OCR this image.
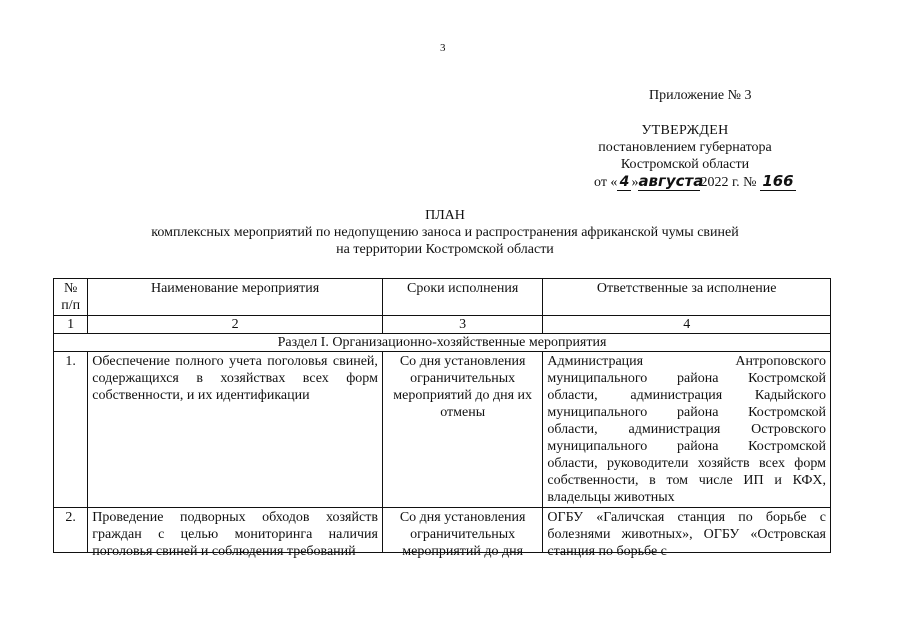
3
Приложение № 3
УТВЕРЖДЕН
постановлением губернатора
Костромской области
от « 4 »августа2022 г. № 166
ПЛАН
комплексных мероприятий по недопущению заноса и распространения африканской чумы свиней
на территории Костромской области
№ п/п	Наименование мероприятия	Сроки исполнения	Ответственные за исполнение
1	2	3	4
Раздел I. Организационно-хозяйственные мероприятия			
1.	Обеспечение полного учета поголовья свиней, содержащихся в хозяйствах всех форм собственности, и их идентификации	Со дня установления ограничительных мероприятий до дня их отмены	Администрация Антроповского муниципального района Костромской области, администрация Кадыйского муниципального района Костромской области, администрация Островского муниципального района Костромской области, руководители хозяйств всех форм собственности, в том числе ИП и КФХ, владельцы животных

2.	Проведение подворных обходов хозяйств граждан с целью мониторинга наличия поголовья свиней и соблюдения требований	Со дня установления ограничительных мероприятий до дня	ОГБУ «Галичская станция по борьбе с болезнями животных», ОГБУ «Островская станция по борьбе с
